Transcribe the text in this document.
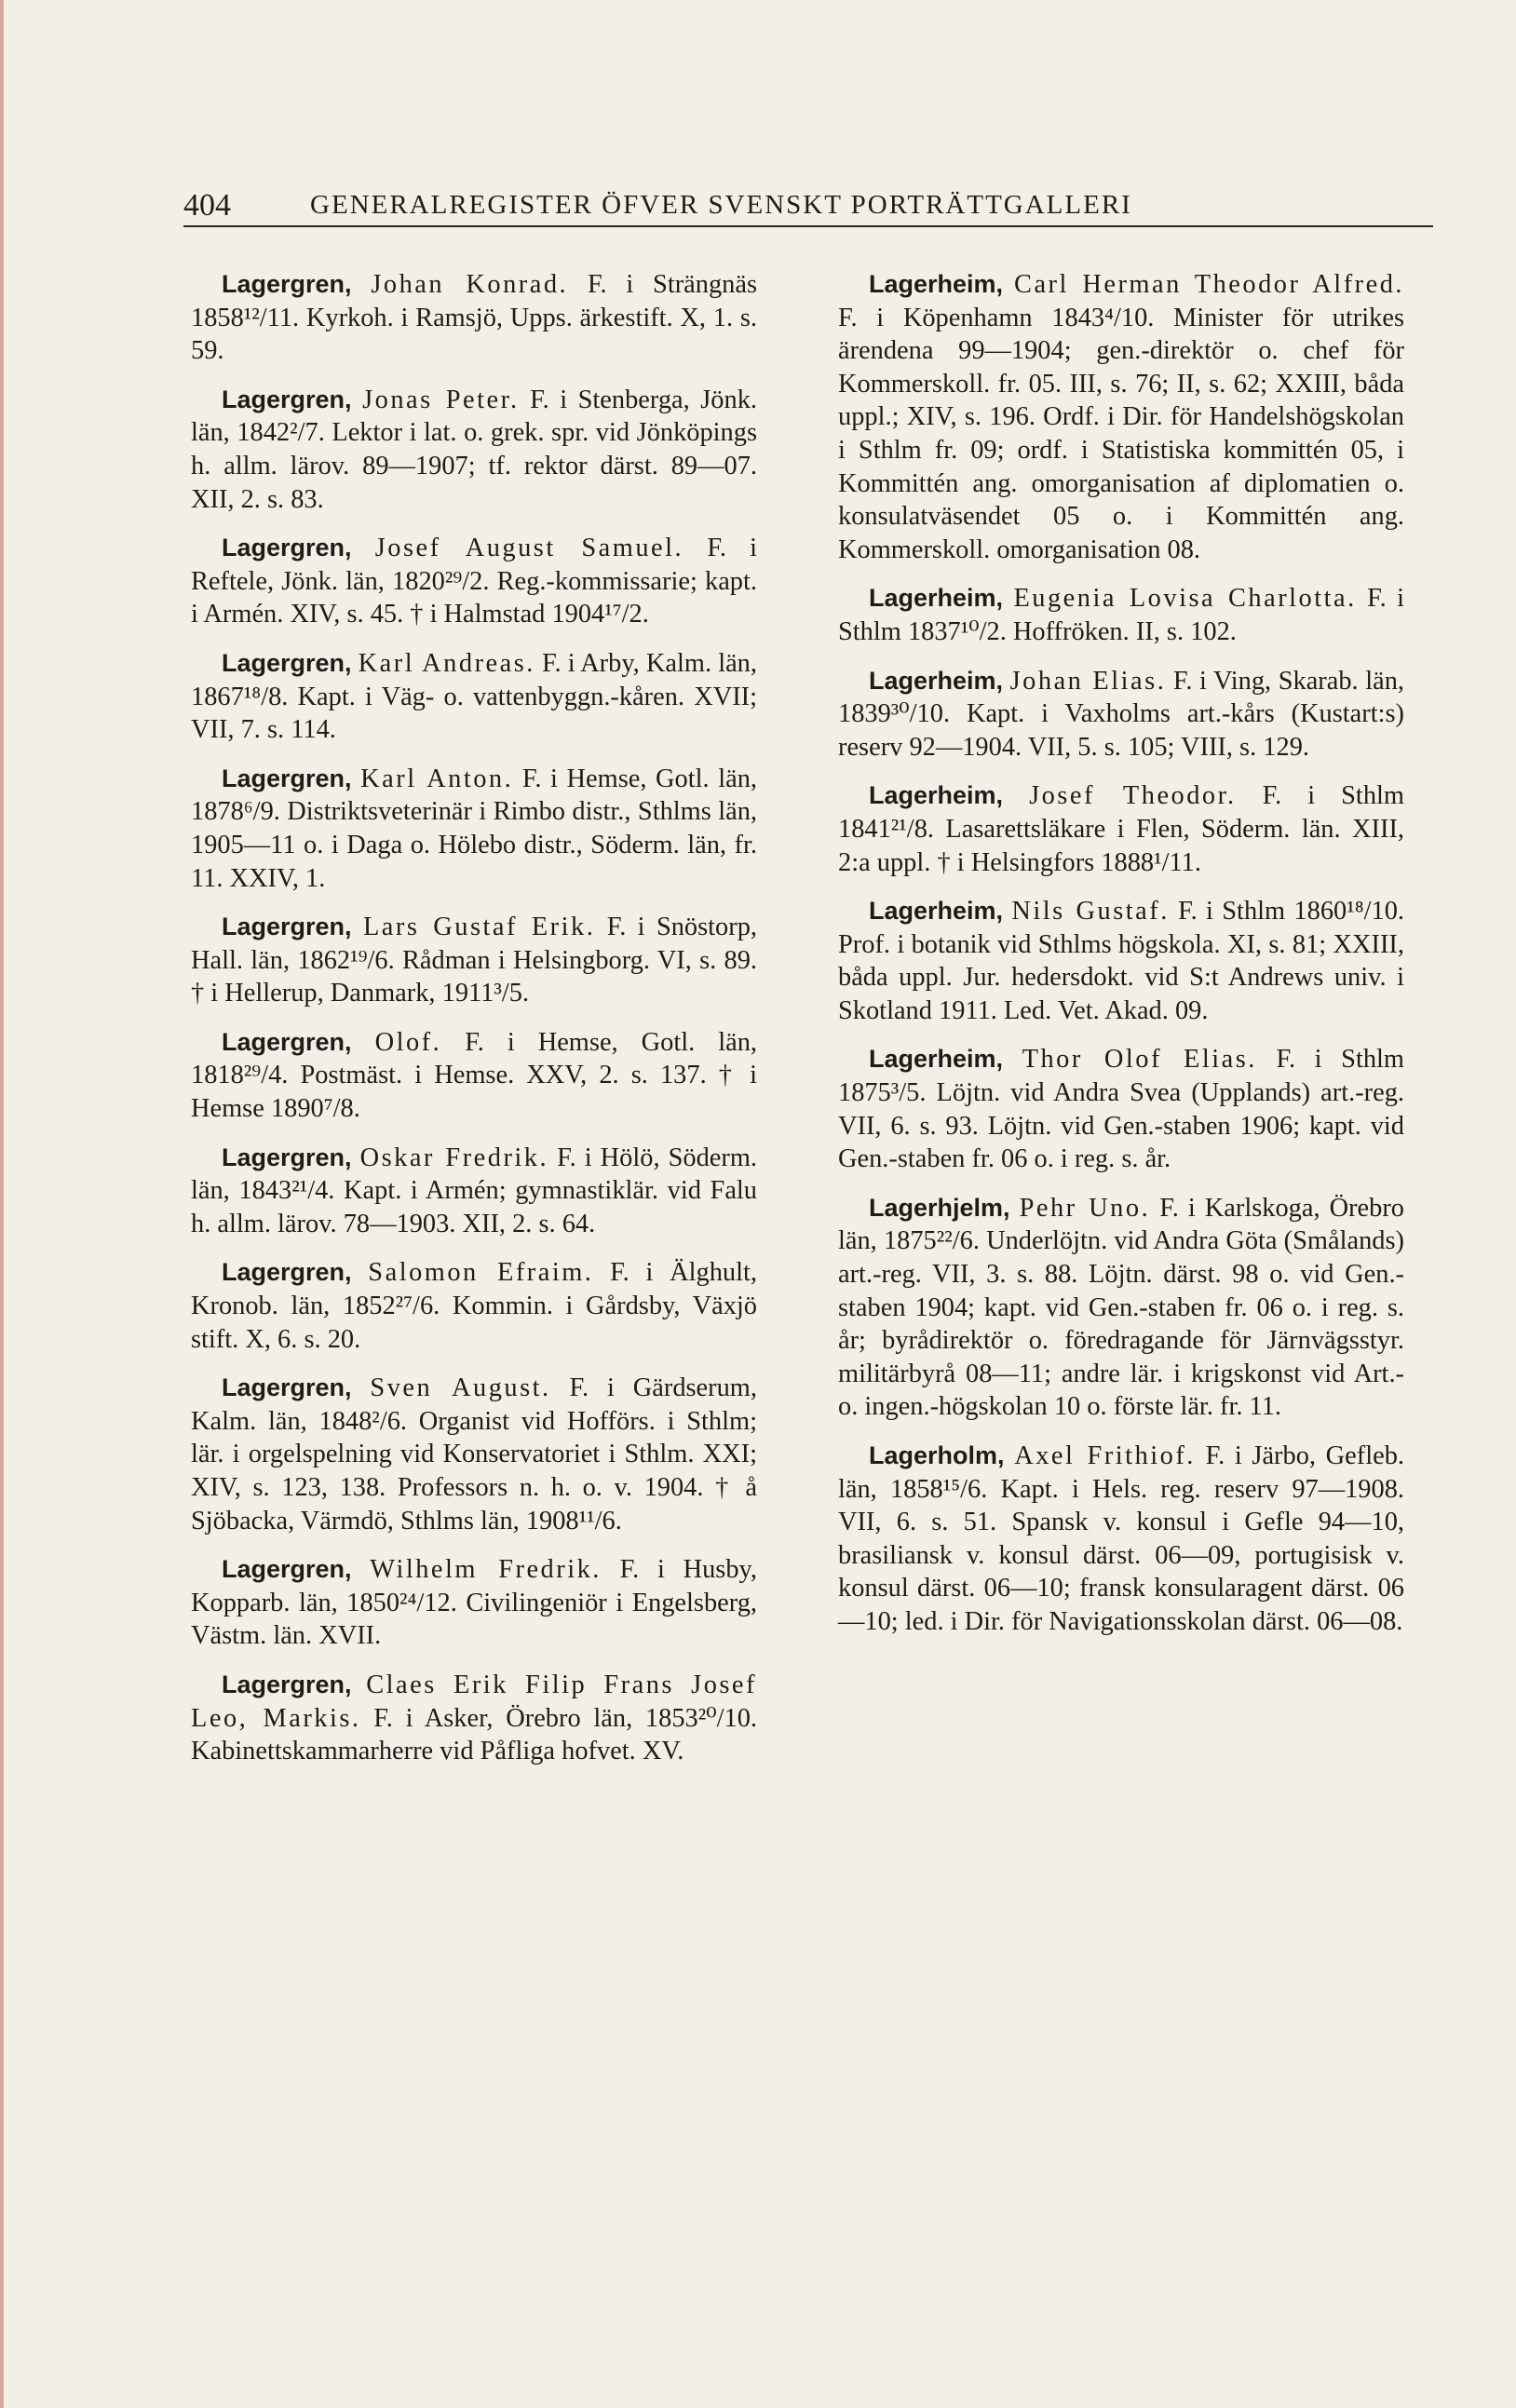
404	GENERALREGISTER ÖFVER SVENSKT PORTRÄTTGALLERI

Lagergren, Johan Konrad. F. i Strängnäs 1858¹²/11. Kyrkoh. i Ramsjö, Upps. ärkestift. X, 1. s. 59.

Lagergren, Jonas Peter. F. i Stenberga, Jönk. län, 1842²/7. Lektor i lat. o. grek. spr. vid Jönköpings h. allm. lärov. 89—1907; tf. rektor därst. 89—07. XII, 2. s. 83.

Lagergren, Josef August Samuel. F. i Reftele, Jönk. län, 1820²⁹/2. Reg.-kommissarie; kapt. i Armén. XIV, s. 45. † i Halmstad 1904¹⁷/2.

Lagergren, Karl Andreas. F. i Arby, Kalm. län, 1867¹⁸/8. Kapt. i Väg- o. vattenbyggn.-kåren. XVII; VII, 7. s. 114.

Lagergren, Karl Anton. F. i Hemse, Gotl. län, 1878⁶/9. Distriktsveterinär i Rimbo distr., Sthlms län, 1905—11 o. i Daga o. Hölebo distr., Söderm. län, fr. 11. XXIV, 1.

Lagergren, Lars Gustaf Erik. F. i Snöstorp, Hall. län, 1862¹⁹/6. Rådman i Helsingborg. VI, s. 89. † i Hellerup, Danmark, 1911³/5.

Lagergren, Olof. F. i Hemse, Gotl. län, 1818²⁹/4. Postmäst. i Hemse. XXV, 2. s. 137. † i Hemse 1890⁷/8.

Lagergren, Oskar Fredrik. F. i Hölö, Söderm. län, 1843²¹/4. Kapt. i Armén; gymnastiklär. vid Falu h. allm. lärov. 78—1903. XII, 2. s. 64.

Lagergren, Salomon Efraim. F. i Älghult, Kronob. län, 1852²⁷/6. Kommin. i Gårdsby, Växjö stift. X, 6. s. 20.

Lagergren, Sven August. F. i Gärdserum, Kalm. län, 1848²/6. Organist vid Hofförs. i Sthlm; lär. i orgelspelning vid Konservatoriet i Sthlm. XXI; XIV, s. 123, 138. Professors n. h. o. v. 1904. † å Sjöbacka, Värmdö, Sthlms län, 1908¹¹/6.

Lagergren, Wilhelm Fredrik. F. i Husby, Kopparb. län, 1850²⁴/12. Civilingeniör i Engelsberg, Västm. län. XVII.

Lagergren, Claes Erik Filip Frans Josef Leo, Markis. F. i Asker, Örebro län, 1853²⁰/10. Kabinettskammarherre vid Påfliga hofvet. XV.

Lagerheim, Carl Herman Theodor Alfred. F. i Köpenhamn 1843⁴/10. Minister för utrikes ärendena 99—1904; gen.-direktör o. chef för Kommerskoll. fr. 05. III, s. 76; II, s. 62; XXIII, båda uppl.; XIV, s. 196. Ordf. i Dir. för Handelshögskolan i Sthlm fr. 09; ordf. i Statistiska kommittén 05, i Kommittén ang. omorganisation af diplomatien o. konsulatväsendet 05 o. i Kommittén ang. Kommerskoll. omorganisation 08.

Lagerheim, Eugenia Lovisa Charlotta. F. i Sthlm 1837¹⁰/2. Hoffröken. II, s. 102.

Lagerheim, Johan Elias. F. i Ving, Skarab. län, 1839³⁰/10. Kapt. i Vaxholms art.-kårs (Kustart:s) reserv 92—1904. VII, 5. s. 105; VIII, s. 129.

Lagerheim, Josef Theodor. F. i Sthlm 1841²¹/8. Lasarettsläkare i Flen, Söderm. län. XIII, 2:a uppl. † i Helsingfors 1888¹/11.

Lagerheim, Nils Gustaf. F. i Sthlm 1860¹⁸/10. Prof. i botanik vid Sthlms högskola. XI, s. 81; XXIII, båda uppl. Jur. hedersdokt. vid S:t Andrews univ. i Skotland 1911. Led. Vet. Akad. 09.

Lagerheim, Thor Olof Elias. F. i Sthlm 1875³/5. Löjtn. vid Andra Svea (Upplands) art.-reg. VII, 6. s. 93. Löjtn. vid Gen.-staben 1906; kapt. vid Gen.-staben fr. 06 o. i reg. s. år.

Lagerhjelm, Pehr Uno. F. i Karlskoga, Örebro län, 1875²²/6. Underlöjtn. vid Andra Göta (Smålands) art.-reg. VII, 3. s. 88. Löjtn. därst. 98 o. vid Gen.-staben 1904; kapt. vid Gen.-staben fr. 06 o. i reg. s. år; byrådirektör o. föredragande för Järnvägsstyr. militärbyrå 08—11; andre lär. i krigskonst vid Art.- o. ingen.-högskolan 10 o. förste lär. fr. 11.

Lagerholm, Axel Frithiof. F. i Järbo, Gefleb. län, 1858¹⁵/6. Kapt. i Hels. reg. reserv 97—1908. VII, 6. s. 51. Spansk v. konsul i Gefle 94—10, brasiliansk v. konsul därst. 06—09, portugisisk v. konsul därst. 06—10; fransk konsularagent därst. 06—10; led. i Dir. för Navigationsskolan därst. 06—08.
